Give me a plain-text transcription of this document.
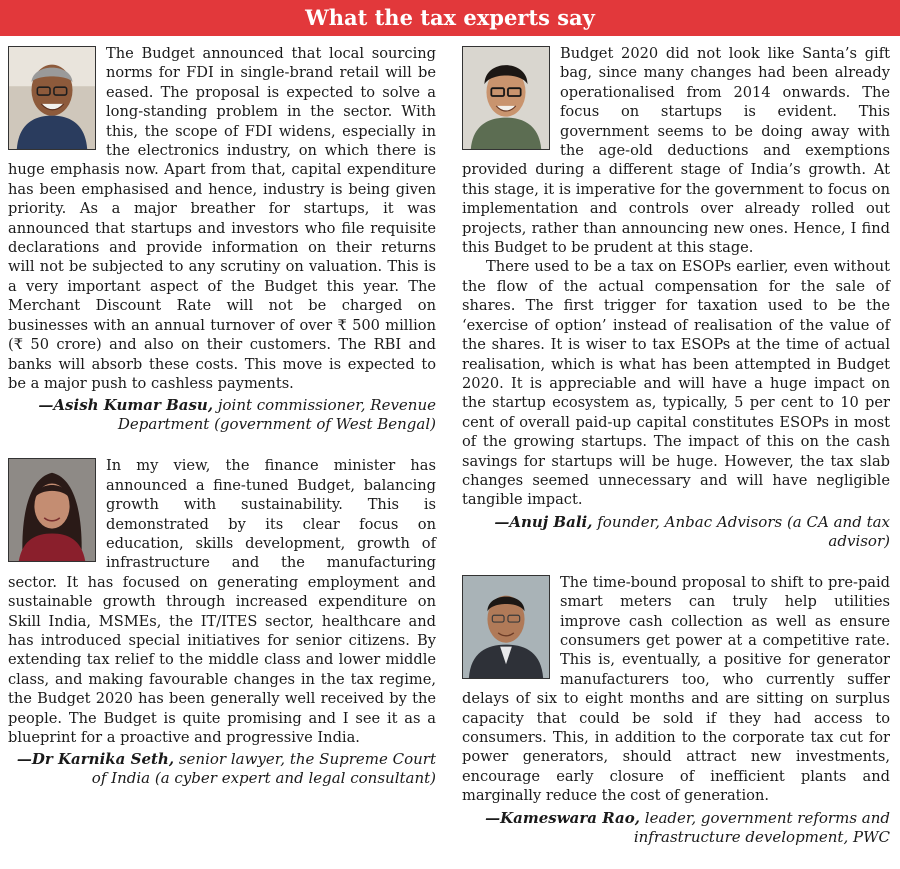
What the tax experts say

The Budget announced that local sourcing norms for FDI in single-brand retail will be eased. The proposal is expected to solve a long-standing problem in the sector. With this, the scope of FDI widens, especially in the electronics industry, on which there is huge emphasis now. Apart from that, capital expenditure has been emphasised and hence, industry is being given priority. As a major breather for startups, it was announced that startups and investors who file requisite declarations and provide information on their returns will not be subjected to any scrutiny on valuation. This is a very important aspect of the Budget this year. The Merchant Discount Rate will not be charged on businesses with an annual turnover of over ₹ 500 million (₹ 50 crore) and also on their customers. The RBI and banks will absorb these costs. This move is expected to be a major push to cashless payments.

—Asish Kumar Basu, joint commissioner, Revenue Department (government of West Bengal)

In my view, the finance minister has announced a fine-tuned Budget, balancing growth with sustainability. This is demonstrated by its clear focus on education, skills development, growth of infrastructure and the manufacturing sector. It has focused on generating employment and sustainable growth through increased expenditure on Skill India, MSMEs, the IT/ITES sector, healthcare and has introduced special initiatives for senior citizens. By extending tax relief to the middle class and lower middle class, and making favourable changes in the tax regime, the Budget 2020 has been generally well received by the people. The Budget is quite promising and I see it as a blueprint for a proactive and progressive India.

—Dr Karnika Seth, senior lawyer, the Supreme Court of India (a cyber expert and legal consultant)

Budget 2020 did not look like Santa’s gift bag, since many changes had been already operationalised from 2014 onwards. The focus on startups is evident. This government seems to be doing away with the age-old deductions and exemptions provided during a different stage of India’s growth. At this stage, it is imperative for the government to focus on implementation and controls over already rolled out projects, rather than announcing new ones. Hence, I find this Budget to be prudent at this stage.

There used to be a tax on ESOPs earlier, even without the flow of the actual compensation for the sale of shares. The first trigger for taxation used to be the ‘exercise of option’ instead of realisation of the value of the shares. It is wiser to tax ESOPs at the time of actual realisation, which is what has been attempted in Budget 2020. It is appreciable and will have a huge impact on the startup ecosystem as, typically, 5 per cent to 10 per cent of overall paid-up capital constitutes ESOPs in most of the growing startups. The impact of this on the cash savings for startups will be huge. However, the tax slab changes seemed unnecessary and will have negligible tangible impact.

—Anuj Bali, founder, Anbac Advisors (a CA and tax advisor)

The time-bound proposal to shift to pre-paid smart meters can truly help utilities improve cash collection as well as ensure consumers get power at a competitive rate. This is, eventually, a positive for generator manufacturers too, who currently suffer delays of six to eight months and are sitting on surplus capacity that could be sold if they had access to consumers. This, in addition to the corporate tax cut for power generators, should attract new investments, encourage early closure of inefficient plants and marginally reduce the cost of generation.

—Kameswara Rao, leader, government reforms and infrastructure development, PWC
